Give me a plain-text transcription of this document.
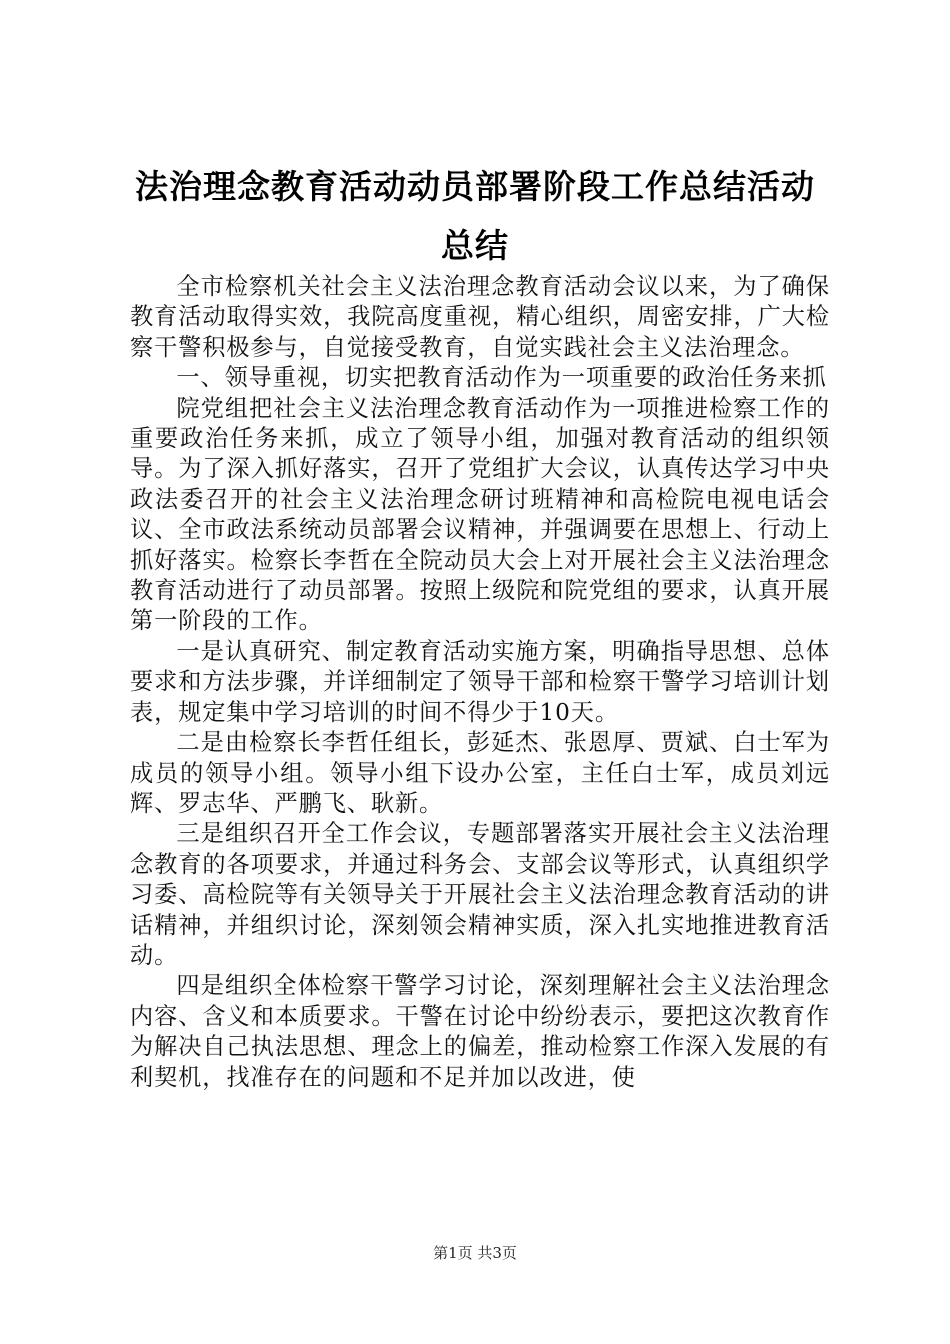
法治理念教育活动动员部署阶段工作总结活动
总结

全市检察机关社会主义法治理念教育活动会议以来，为了确保教育活动取得实效，我院高度重视，精心组织，周密安排，广大检察干警积极参与，自觉接受教育，自觉实践社会主义法治理念。

一、领导重视，切实把教育活动作为一项重要的政治任务来抓

院党组把社会主义法治理念教育活动作为一项推进检察工作的重要政治任务来抓，成立了领导小组，加强对教育活动的组织领导。为了深入抓好落实，召开了党组扩大会议，认真传达学习中央政法委召开的社会主义法治理念研讨班精神和高检院电视电话会议、全市政法系统动员部署会议精神，并强调要在思想上、行动上抓好落实。检察长李哲在全院动员大会上对开展社会主义法治理念教育活动进行了动员部署。按照上级院和院党组的要求，认真开展第一阶段的工作。

一是认真研究、制定教育活动实施方案，明确指导思想、总体要求和方法步骤，并详细制定了领导干部和检察干警学习培训计划表，规定集中学习培训的时间不得少于10天。

二是由检察长李哲任组长，彭延杰、张恩厚、贾斌、白士军为成员的领导小组。领导小组下设办公室，主任白士军，成员刘远辉、罗志华、严鹏飞、耿新。

三是组织召开全工作会议，专题部署落实开展社会主义法治理念教育的各项要求，并通过科务会、支部会议等形式，认真组织学习委、高检院等有关领导关于开展社会主义法治理念教育活动的讲话精神，并组织讨论，深刻领会精神实质，深入扎实地推进教育活动。

四是组织全体检察干警学习讨论，深刻理解社会主义法治理念内容、含义和本质要求。干警在讨论中纷纷表示，要把这次教育作为解决自己执法思想、理念上的偏差，推动检察工作深入发展的有利契机，找准存在的问题和不足并加以改进，使

第1页 共3页
